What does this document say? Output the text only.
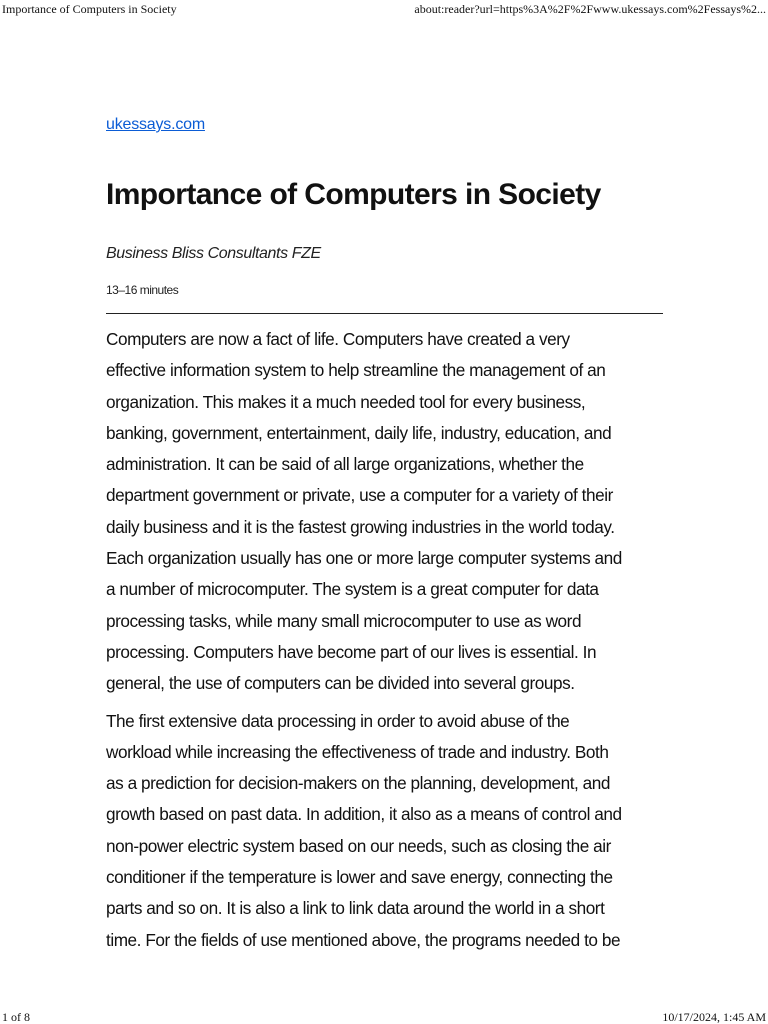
Importance of Computers in Society	about:reader?url=https%3A%2F%2Fwww.ukessays.com%2Fessays%2...
ukessays.com
Importance of Computers in Society
Business Bliss Consultants FZE
13–16 minutes

Computers are now a fact of life. Computers have created a very
effective information system to help streamline the management of an
organization. This makes it a much needed tool for every business,
banking, government, entertainment, daily life, industry, education, and
administration. It can be said of all large organizations, whether the
department government or private, use a computer for a variety of their
daily business and it is the fastest growing industries in the world today.
Each organization usually has one or more large computer systems and
a number of microcomputer. The system is a great computer for data
processing tasks, while many small microcomputer to use as word
processing. Computers have become part of our lives is essential. In
general, the use of computers can be divided into several groups.

The first extensive data processing in order to avoid abuse of the
workload while increasing the effectiveness of trade and industry. Both
as a prediction for decision-makers on the planning, development, and
growth based on past data. In addition, it also as a means of control and
non-power electric system based on our needs, such as closing the air
conditioner if the temperature is lower and save energy, connecting the
parts and so on. It is also a link to link data around the world in a short
time. For the fields of use mentioned above, the programs needed to be

1 of 8	10/17/2024, 1:45 AM
